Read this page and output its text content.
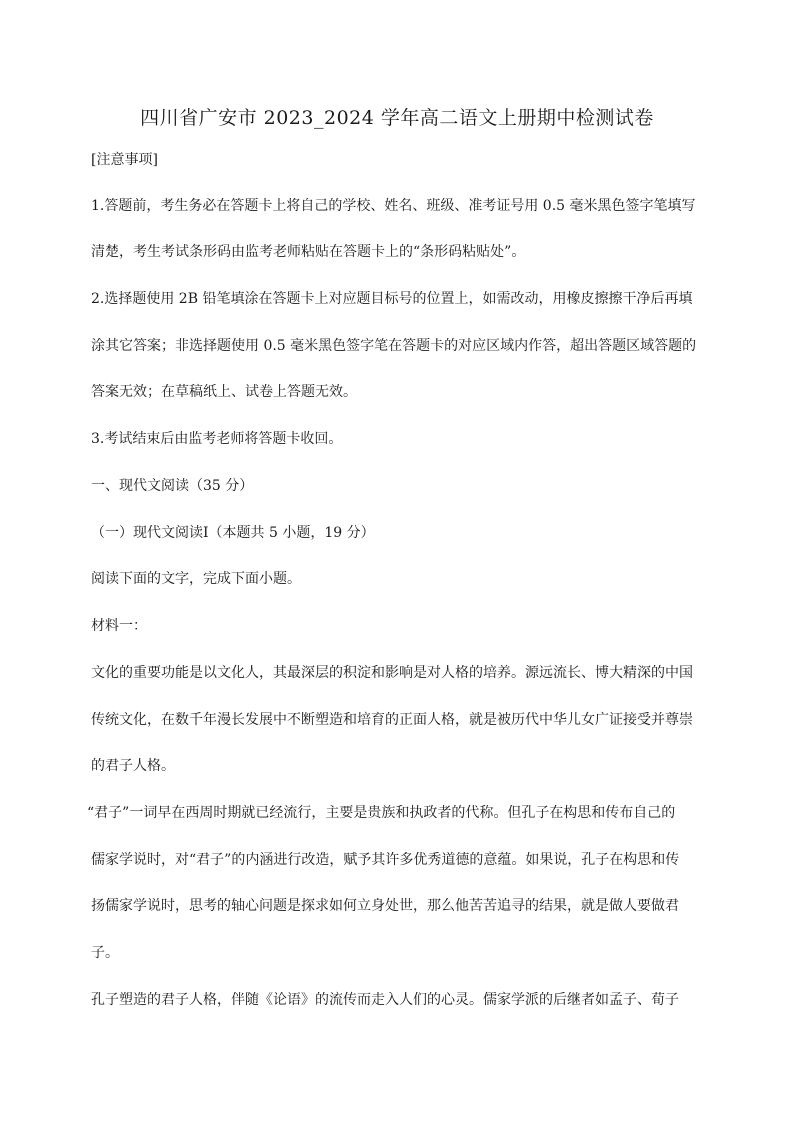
四川省广安市 2023_2024 学年高二语文上册期中检测试卷
[注意事项]
1.答题前，考生务必在答题卡上将自己的学校、姓名、班级、准考证号用 0.5 毫米黑色签字笔填写
清楚，考生考试条形码由监考老师粘贴在答题卡上的“条形码粘贴处”。
2.选择题使用 2B 铅笔填涂在答题卡上对应题目标号的位置上，如需改动，用橡皮擦擦干净后再填
涂其它答案；非选择题使用 0.5 毫米黑色签字笔在答题卡的对应区域内作答，超出答题区域答题的
答案无效；在草稿纸上、试卷上答题无效。
3.考试结束后由监考老师将答题卡收回。
一、现代文阅读（35 分）
（一）现代文阅读Ⅰ（本题共 5 小题，19 分）
阅读下面的文字，完成下面小题。
材料一：
文化的重要功能是以文化人，其最深层的积淀和影响是对人格的培养。源远流长、博大精深的中国
传统文化，在数千年漫长发展中不断塑造和培育的正面人格，就是被历代中华儿女广证接受并尊崇
的君子人格。
“君子”一词早在西周时期就已经流行，主要是贵族和执政者的代称。但孔子在构思和传布自己的
儒家学说时，对“君子”的内涵进行改造，赋予其许多优秀道德的意蕴。如果说，孔子在构思和传
扬儒家学说时，思考的轴心问题是探求如何立身处世，那么他苦苦追寻的结果，就是做人要做君
子。
孔子塑造的君子人格，伴随《论语》的流传而走入人们的心灵。儒家学派的后继者如孟子、荀子
